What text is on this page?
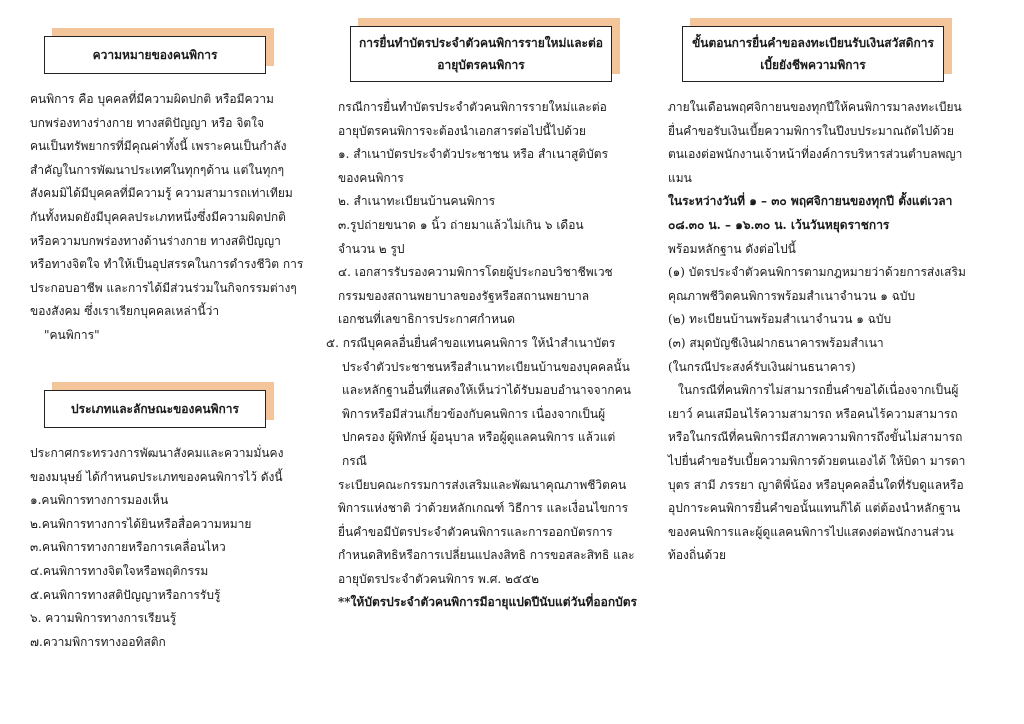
ความหมายของคนพิการ

คนพิการ คือ บุคคลที่มีความผิดปกติ หรือมีความ

บกพร่องทางร่างกาย ทางสติปัญญา หรือ จิตใจ

คนเป็นทรัพยากรที่มีคุณค่าทั้งนี้ เพราะคนเป็นกำลัง

สำคัญในการพัฒนาประเทศในทุกๆด้าน แต่ในทุกๆ

สังคมมิได้มีบุคคลที่มีความรู้ ความสามารถเท่าเทียม

กันทั้งหมดยังมีบุคคลประเภทหนึ่งซึ่งมีความผิดปกติ

หรือความบกพร่องทางด้านร่างกาย ทางสติปัญญา

หรือทางจิตใจ ทำให้เป็นอุปสรรคในการดำรงชีวิต การ

ประกอบอาชีพ และการได้มีส่วนร่วมในกิจกรรมต่างๆ

ของสังคม ซึ่งเราเรียกบุคคลเหล่านี้ว่า

"คนพิการ"

ประเภทและลักษณะของคนพิการ

ประกาศกระทรวงการพัฒนาสังคมและความมั่นคง

ของมนุษย์ ได้กำหนดประเภทของคนพิการไว้ ดังนี้

๑.คนพิการทางการมองเห็น

๒.คนพิการทางการได้ยินหรือสื่อความหมาย

๓.คนพิการทางกายหรือการเคลื่อนไหว

๔.คนพิการทางจิตใจหรือพฤติกรรม

๕.คนพิการทางสติปัญญาหรือการรับรู้

๖. ความพิการทางการเรียนรู้

๗.ความพิการทางออทิสติก

การยื่นทำบัตรประจำตัวคนพิการรายใหม่และต่ออายุบัตรคนพิการ

กรณีการยื่นทำบัตรประจำตัวคนพิการรายใหม่และต่อ

อายุบัตรคนพิการจะต้องนำเอกสารต่อไปนี้ไปด้วย

๑. สำเนาบัตรประจำตัวประชาชน หรือ สำเนาสูติบัตร

ของคนพิการ

๒. สำเนาทะเบียนบ้านคนพิการ

๓.รูปถ่ายขนาด ๑ นิ้ว ถ่ายมาแล้วไม่เกิน ๖ เดือน

จำนวน ๒ รูป

๔. เอกสารรับรองความพิการโดยผู้ประกอบวิชาชีพเวช

กรรมของสถานพยาบาลของรัฐหรือสถานพยาบาล

เอกชนที่เลขาธิการประกาศกำหนด

๕. กรณีบุคคลอื่นยื่นคำขอแทนคนพิการ ให้นำสำเนาบัตรประจำตัวประชาชนหรือสำเนาทะเบียนบ้านของบุคคลนั้น และหลักฐานอื่นที่แสดงให้เห็นว่าได้รับมอบอำนาจจากคนพิการหรือมีส่วนเกี่ยวข้องกับคนพิการ เนื่องจากเป็นผู้ปกครอง ผู้พิทักษ์ ผู้อนุบาล หรือผู้ดูแลคนพิการ แล้วแต่กรณี

ระเบียบคณะกรรมการส่งเสริมและพัฒนาคุณภาพชีวิตคนพิการแห่งชาติ ว่าด้วยหลักเกณฑ์ วิธีการ และเงื่อนไขการยื่นคำขอมีบัตรประจำตัวคนพิการและการออกบัตรการกำหนดสิทธิหรือการเปลี่ยนแปลงสิทธิ การขอสละสิทธิ และอายุบัตรประจำตัวคนพิการ พ.ศ. ๒๕๕๒

**ให้บัตรประจำตัวคนพิการมีอายุแปดปีนับแต่วันที่ออกบัตร

ขั้นตอนการยื่นคำขอลงทะเบียนรับเงินสวัสดิการเบี้ยยังชีพความพิการ

ภายในเดือนพฤศจิกายนของทุกปีให้คนพิการมาลงทะเบียนยื่นคำขอรับเงินเบี้ยความพิการในปีงบประมาณถัดไปด้วยตนเองต่อพนักงานเจ้าหน้าที่องค์การบริหารส่วนตำบลพญาแมน

ในระหว่างวันที่ ๑ – ๓๐ พฤศจิกายนของทุกปี ตั้งแต่เวลา ๐๘.๓๐ น. – ๑๖.๓๐ น. เว้นวันหยุดราชการ

พร้อมหลักฐาน ดังต่อไปนี้

(๑) บัตรประจำตัวคนพิการตามกฎหมายว่าด้วยการส่งเสริมคุณภาพชีวิตคนพิการพร้อมสำเนาจำนวน ๑ ฉบับ

(๒) ทะเบียนบ้านพร้อมสำเนาจำนวน ๑ ฉบับ

(๓) สมุดบัญชีเงินฝากธนาคารพร้อมสำเนา

(ในกรณีประสงค์รับเงินผ่านธนาคาร)

ในกรณีที่คนพิการไม่สามารถยื่นคำขอได้เนื่องจากเป็นผู้เยาว์ คนเสมือนไร้ความสามารถ หรือคนไร้ความสามารถ หรือในกรณีที่คนพิการมีสภาพความพิการถึงขั้นไม่สามารถไปยื่นคำขอรับเบี้ยความพิการด้วยตนเองได้ ให้บิดา มารดา บุตร สามี ภรรยา ญาติพี่น้อง หรือบุคคลอื่นใดที่รับดูแลหรืออุปการะคนพิการยื่นคำขอนั้นแทนก็ได้ แต่ต้องนำหลักฐานของคนพิการและผู้ดูแลคนพิการไปแสดงต่อพนักงานส่วนท้องถิ่นด้วย
